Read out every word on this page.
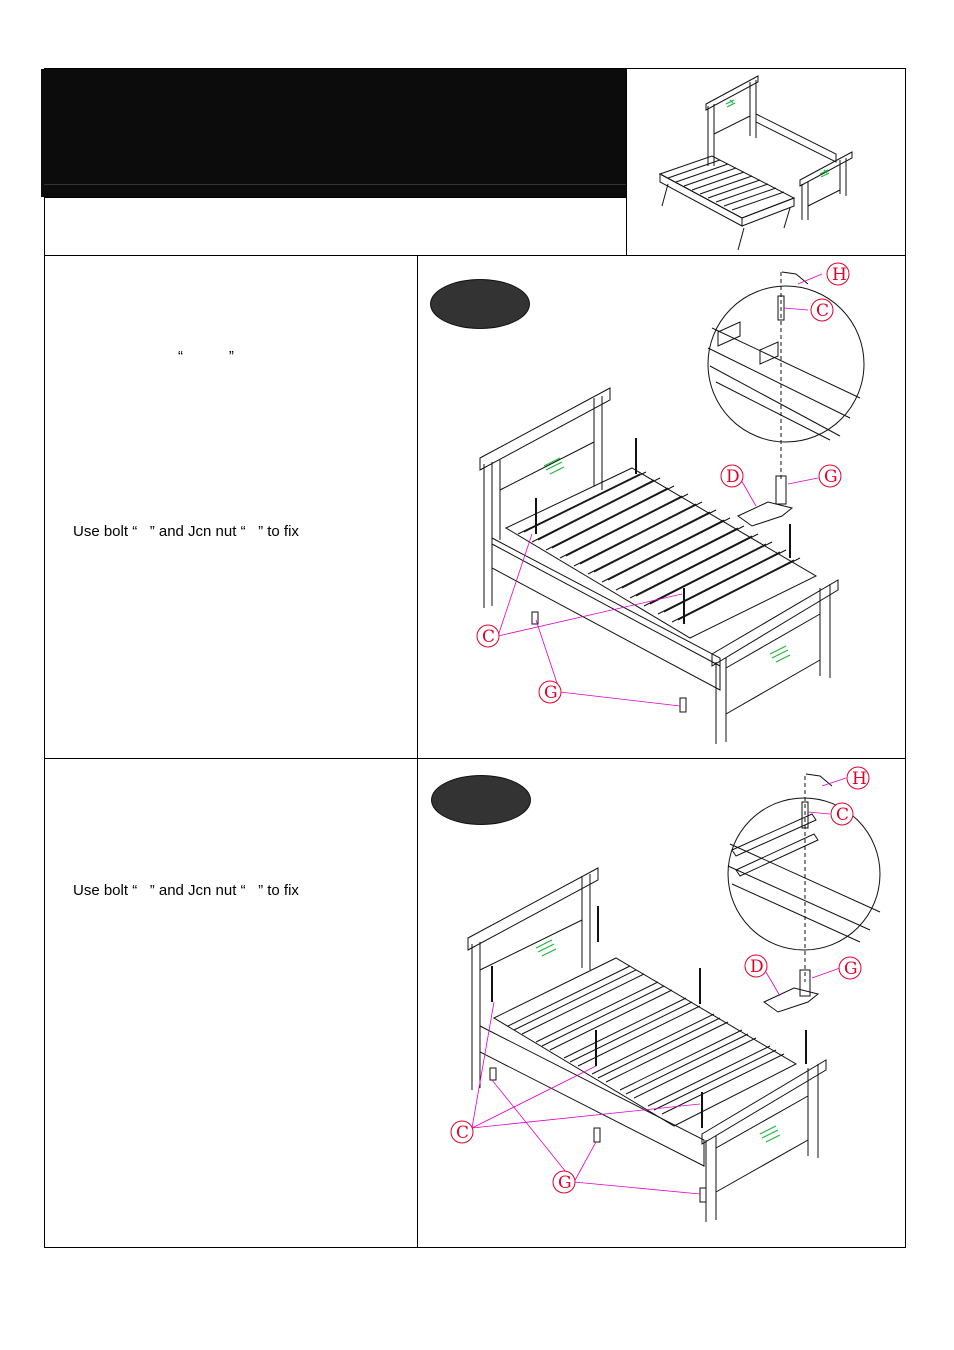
“           ”
Use bolt “   ” and Jcn nut “   ” to fix
H
C
D	G
C
G
Use bolt “   ” and Jcn nut “   ” to fix
H
C
D	G
C
G
